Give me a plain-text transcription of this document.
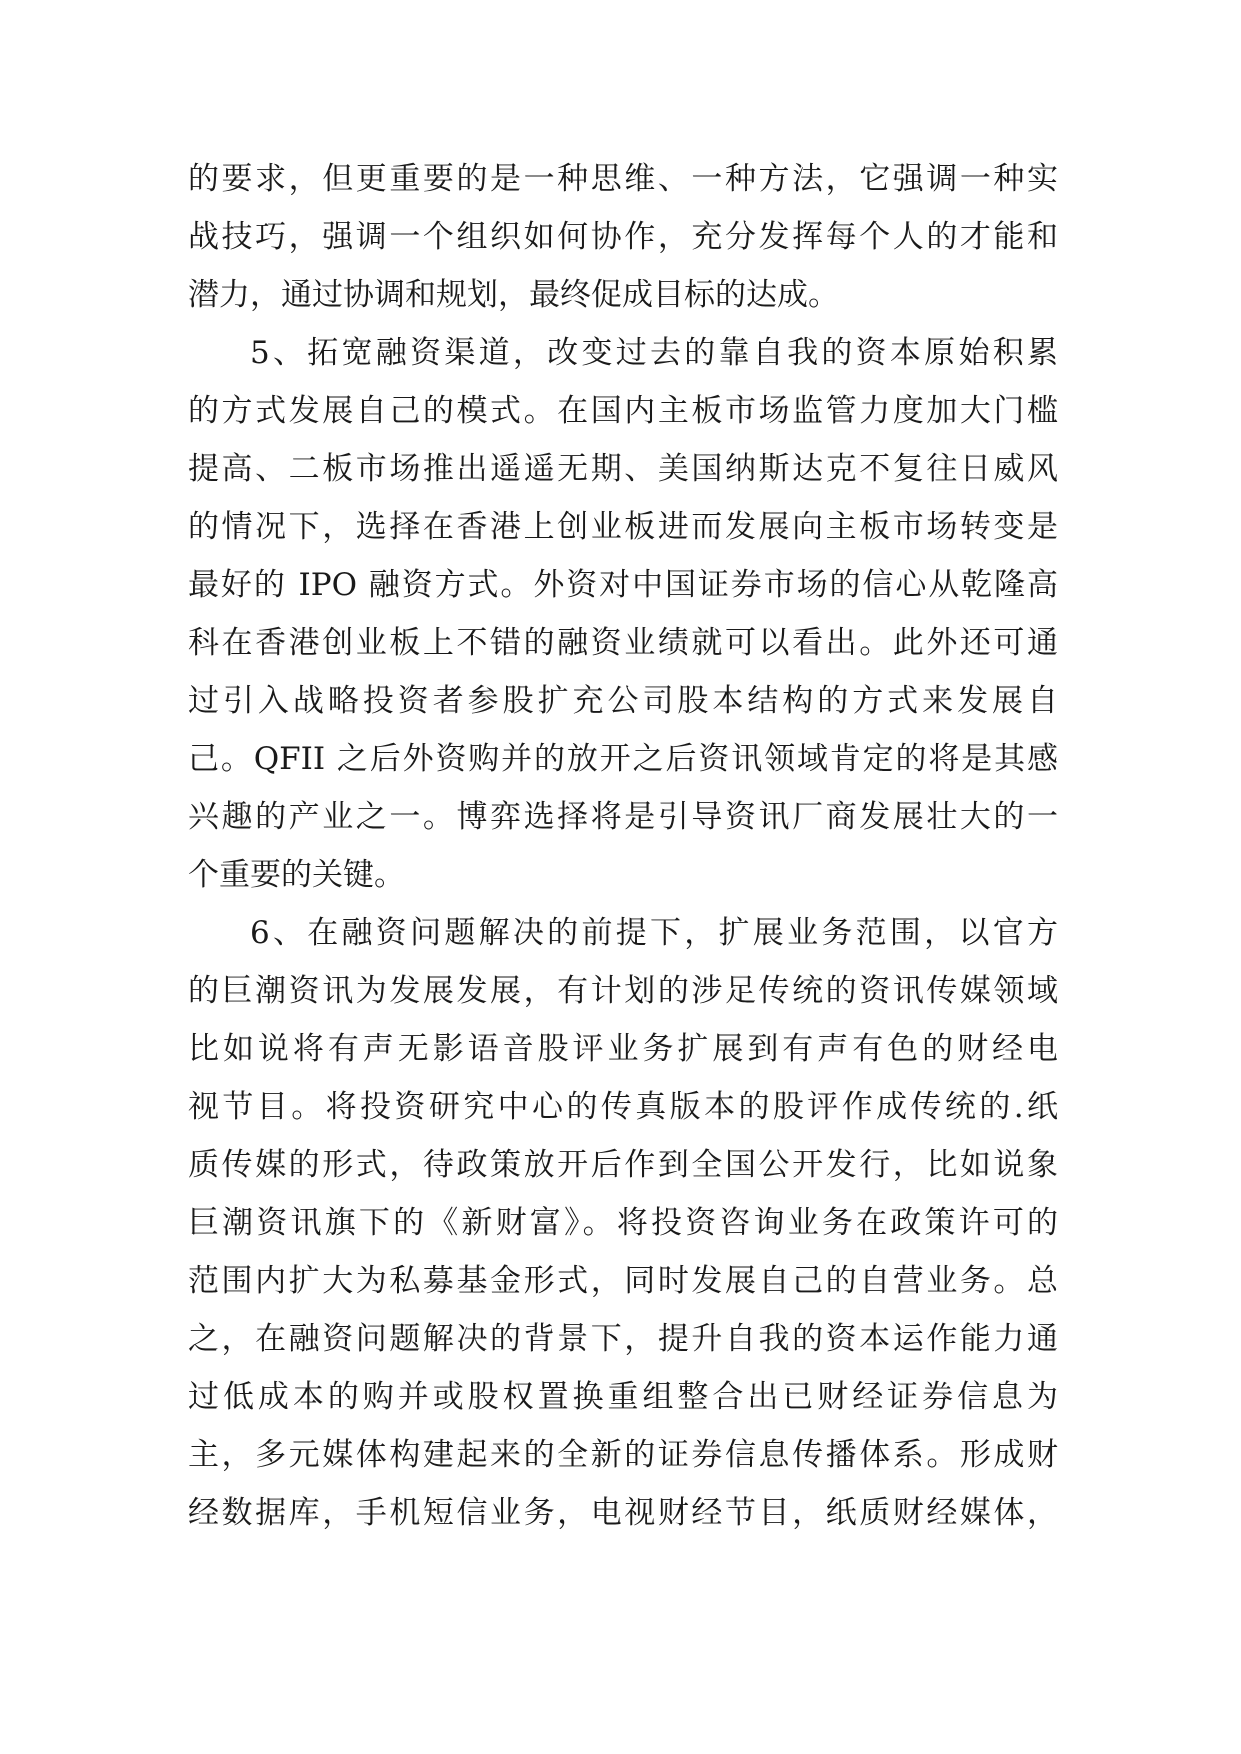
的要求，但更重要的是一种思维、一种方法，它强调一种实
战技巧，强调一个组织如何协作，充分发挥每个人的才能和
潜力，通过协调和规划，最终促成目标的达成。
5、拓宽融资渠道，改变过去的靠自我的资本原始积累
的方式发展自己的模式。在国内主板市场监管力度加大门槛
提高、二板市场推出遥遥无期、美国纳斯达克不复往日威风
的情况下，选择在香港上创业板进而发展向主板市场转变是
最好的 IPO 融资方式。外资对中国证券市场的信心从乾隆高
科在香港创业板上不错的融资业绩就可以看出。此外还可通
过引入战略投资者参股扩充公司股本结构的方式来发展自
己。QFII 之后外资购并的放开之后资讯领域肯定的将是其感
兴趣的产业之一。博弈选择将是引导资讯厂商发展壮大的一
个重要的关键。
6、在融资问题解决的前提下，扩展业务范围，以官方
的巨潮资讯为发展发展，有计划的涉足传统的资讯传媒领域
比如说将有声无影语音股评业务扩展到有声有色的财经电
视节目。将投资研究中心的传真版本的股评作成传统的.纸
质传媒的形式，待政策放开后作到全国公开发行，比如说象
巨潮资讯旗下的《新财富》。将投资咨询业务在政策许可的
范围内扩大为私募基金形式，同时发展自己的自营业务。总
之，在融资问题解决的背景下，提升自我的资本运作能力通
过低成本的购并或股权置换重组整合出已财经证券信息为
主，多元媒体构建起来的全新的证券信息传播体系。形成财
经数据库，手机短信业务，电视财经节目，纸质财经媒体，
